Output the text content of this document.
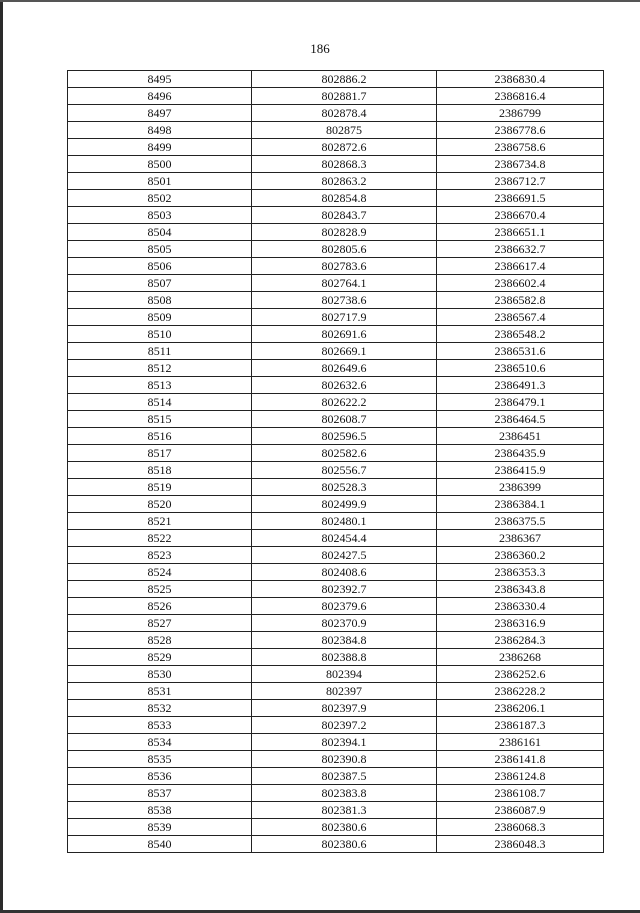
186
8495	802886.2	2386830.4
8496	802881.7	2386816.4
8497	802878.4	2386799
8498	802875	2386778.6
8499	802872.6	2386758.6
8500	802868.3	2386734.8
8501	802863.2	2386712.7
8502	802854.8	2386691.5
8503	802843.7	2386670.4
8504	802828.9	2386651.1
8505	802805.6	2386632.7
8506	802783.6	2386617.4
8507	802764.1	2386602.4
8508	802738.6	2386582.8
8509	802717.9	2386567.4
8510	802691.6	2386548.2
8511	802669.1	2386531.6
8512	802649.6	2386510.6
8513	802632.6	2386491.3
8514	802622.2	2386479.1
8515	802608.7	2386464.5
8516	802596.5	2386451
8517	802582.6	2386435.9
8518	802556.7	2386415.9
8519	802528.3	2386399
8520	802499.9	2386384.1
8521	802480.1	2386375.5
8522	802454.4	2386367
8523	802427.5	2386360.2
8524	802408.6	2386353.3
8525	802392.7	2386343.8
8526	802379.6	2386330.4
8527	802370.9	2386316.9
8528	802384.8	2386284.3
8529	802388.8	2386268
8530	802394	2386252.6
8531	802397	2386228.2
8532	802397.9	2386206.1
8533	802397.2	2386187.3
8534	802394.1	2386161
8535	802390.8	2386141.8
8536	802387.5	2386124.8
8537	802383.8	2386108.7
8538	802381.3	2386087.9
8539	802380.6	2386068.3
8540	802380.6	2386048.3
